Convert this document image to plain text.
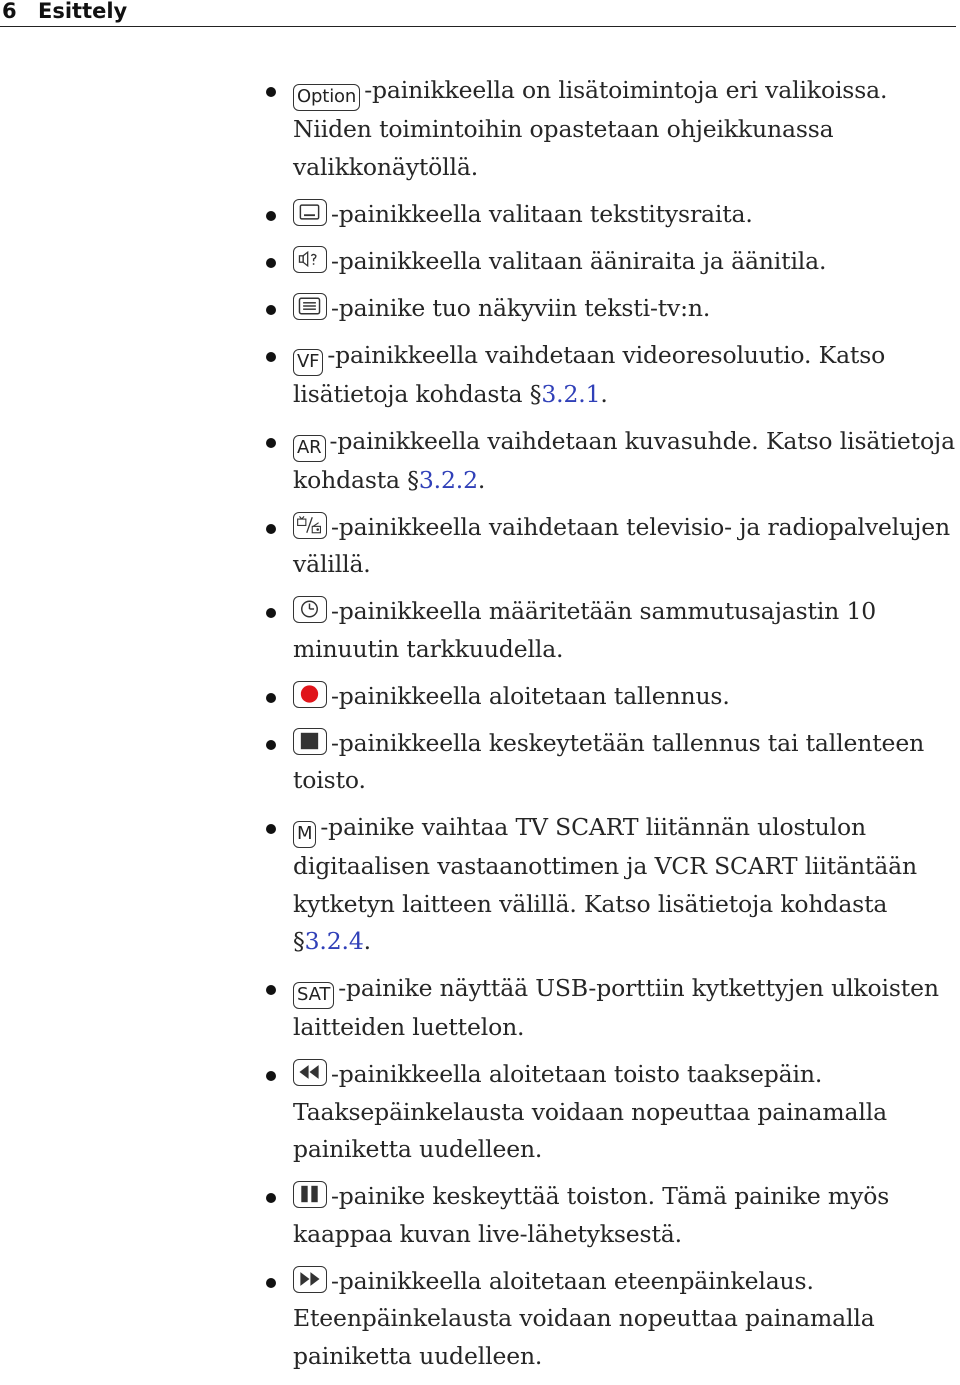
6 Esittely
Option -painikkeella on lisätoimintoja eri valikoissa. Niiden toimintoihin opastetaan ohjeikkunassa valikkonäytöllä.
-painikkeella valitaan tekstitysraita.
-painikkeella valitaan ääniraita ja äänitila.
-painike tuo näkyviin teksti-tv:n.
VF -painikkeella vaihdetaan videoresoluutio. Katso lisätietoja kohdasta §3.2.1.
AR -painikkeella vaihdetaan kuvasuhde. Katso lisätietoja kohdasta §3.2.2.
-painikkeella vaihdetaan televisio- ja radiopalvelujen välillä.
-painikkeella määritetään sammutusajastin 10 minuutin tarkkuudella.
-painikkeella aloitetaan tallennus.
-painikkeella keskeytetään tallennus tai tallenteen toisto.
M -painike vaihtaa TV SCART liitännän ulostulon digitaalisen vastaanottimen ja VCR SCART liitäntään kytketyn laitteen välillä. Katso lisätietoja kohdasta §3.2.4.
SAT -painike näyttää USB-porttiin kytkettyjen ulkoisten laitteiden luettelon.
-painikkeella aloitetaan toisto taaksepäin. Taaksepäinkelausta voidaan nopeuttaa painamalla painiketta uudelleen.
-painike keskeyttää toiston. Tämä painike myös kaappaa kuvan live-lähetyksestä.
-painikkeella aloitetaan eteenpäinkelaus. Eteenpäinkelausta voidaan nopeuttaa painamalla painiketta uudelleen.
